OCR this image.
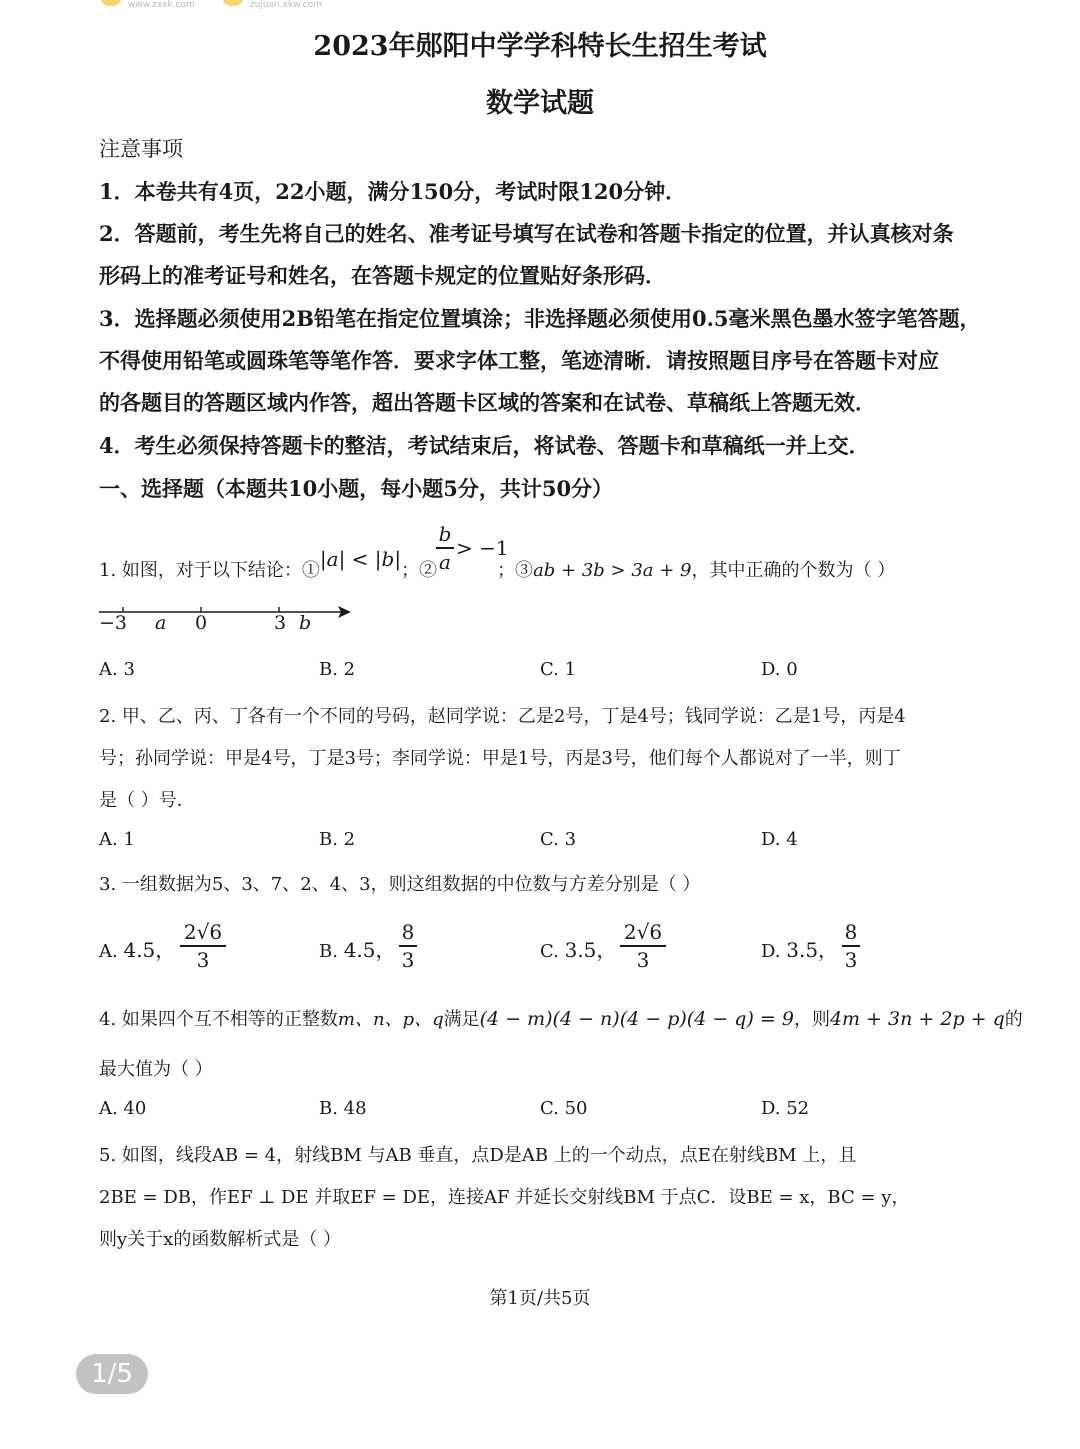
www.zxxk.com	zujuan.xkw.com
2023年郧阳中学学科特长生招生考试
数学试题
注意事项
1．本卷共有4页，22小题，满分150分，考试时限120分钟．
2．答题前，考生先将自己的姓名、准考证号填写在试卷和答题卡指定的位置，并认真核对条
形码上的准考证号和姓名，在答题卡规定的位置贴好条形码．
3．选择题必须使用2B铅笔在指定位置填涂；非选择题必须使用0.5毫米黑色墨水签字笔答题，
不得使用铅笔或圆珠笔等笔作答．要求字体工整，笔迹清晰．请按照题目序号在答题卡对应
的各题目的答题区域内作答，超出答题卡区域的答案和在试卷、草稿纸上答题无效．
4．考生必须保持答题卡的整洁，考试结束后，将试卷、答题卡和草稿纸一并上交．
一、选择题（本题共10小题，每小题5分，共计50分）
1. 如图，对于以下结论：①|a| < |b|；②	；③ab + 3b > 3a + 9，其中正确的个数为（ ）
b
a
> −1
−3 a 0	3 b
A. 3	B. 2	C. 1	D. 0
2. 甲、乙、丙、丁各有一个不同的号码，赵同学说：乙是2号，丁是4号；钱同学说：乙是1号，丙是4
号；孙同学说：甲是4号，丁是3号；李同学说：甲是1号，丙是3号，他们每个人都说对了一半，则丁
是（ ）号．
A. 1	B. 2	C. 3	D. 4
3. 一组数据为5、3、7、2、4、3，则这组数据的中位数与方差分别是（ ）
A. 4.5，
2√6
3	B. 4.5，
8
3	C. 3.5，
2√6
3	D. 3.5，
8
3
4. 如果四个互不相等的正整数m、n、p、q满足(4 − m)(4 − n)(4 − p)(4 − q) = 9，则4m + 3n + 2p + q的
最大值为（ ）
A. 40	B. 48	C. 50	D. 52
5. 如图，线段AB = 4，射线BM 与AB 垂直，点D是AB 上的一个动点，点E在射线BM 上，且
2BE = DB，作EF ⊥ DE 并取EF = DE，连接AF 并延长交射线BM 于点C．设BE = x，BC = y，
则y关于x的函数解析式是（ ）
第1页/共5页
1/5
